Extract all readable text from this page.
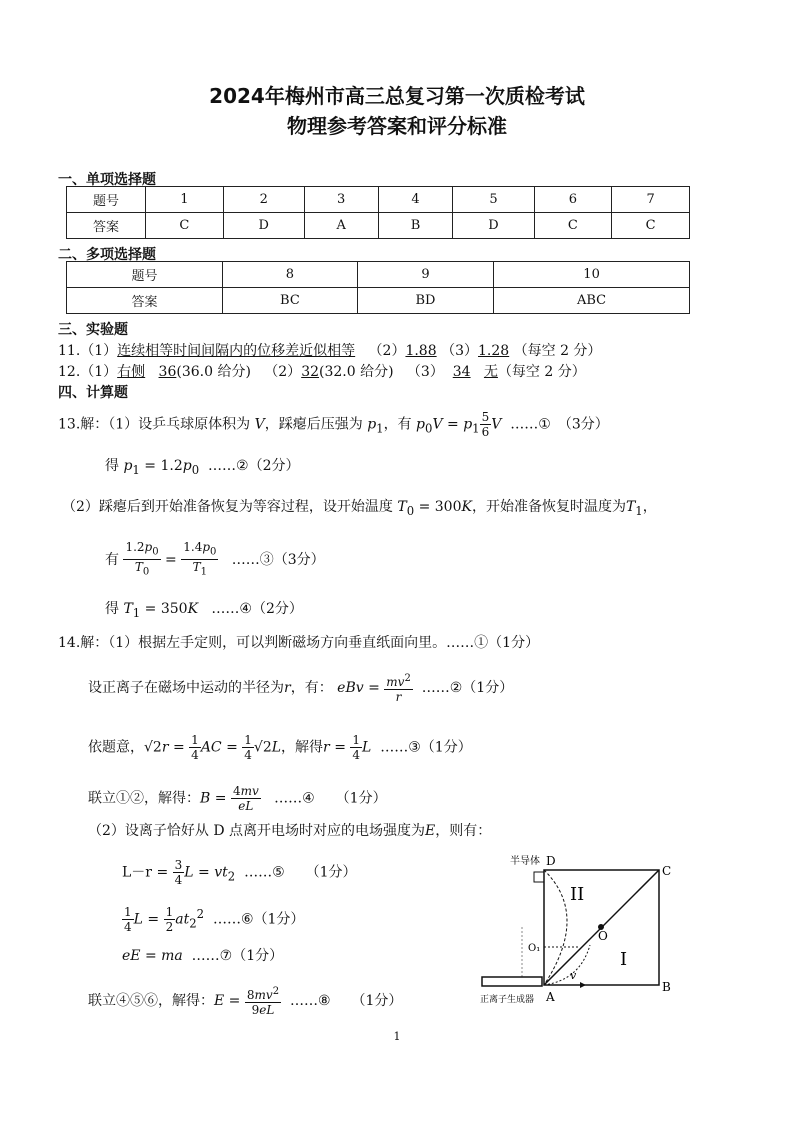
2024年梅州市高三总复习第一次质检考试
物理参考答案和评分标准
一、单项选择题
题号	1	2	3	4	5	6	7
答案	C	D	A	B	D	C	C
二、多项选择题
题号	8	9	10
答案	BC	BD	ABC
三、实验题
11.（1）连续相等时间间隔内的位移差近似相等 （2）1.88 （3）1.28 （每空 2 分）
12.（1）右侧 36(36.0 给分) （2）32(32.0 给分) （3） 34 无（每空 2 分）
四、计算题
13.解：（1）设乒乓球原体积为 V，踩瘪后压强为 $p_1$，有 $p_0V = p_1 \frac{5}{6}$ V ……①　（3分）
得 $p_1 = 1.2p_0$ ……②（2分）
（2）踩瘪后到开始准备恢复为等容过程，设开始温度 $T_0 = 300K$，开始准备恢复时温度为$T_1$，
有 $\frac{1.2p_0}{T_0} = \frac{1.4p_0}{T_1}$ ……③（3分）
得 $T_1 = 350K$ ……④（2分）
14.解：（1）根据左手定则，可以判断磁场方向垂直纸面向里。……①（1分）
设正离子在磁场中运动的半径为r，有： eBv = $\frac{mv^2}{r}$ ……②（1分）
依题意，$√2r = \frac{1}{4}$ AC = $\frac{1}{4} √2L$，解得$r = \frac{1}{4}$ L ……③（1分）
联立①②，解得：$B = \frac{4mv}{eL}$ ……④　　（1分）
（2）设离子恰好从 D 点离开电场时对应的电场强度为E，则有：
$L-r = \frac{3}{4}$ $L = vt_2$ ……⑤　　（1分）
$\frac{1}{4}$ $L = \frac{1}{2} at_2^2$ ……⑥（1分）
eE = ma ……⑦（1分）
联立④⑤⑥，解得：$E = \frac{8mv^2}{9eL}$ ……⑧　　（1分）
半导体 D
C
B
A
O
O₁
II
I
v
正离子生成器
1
